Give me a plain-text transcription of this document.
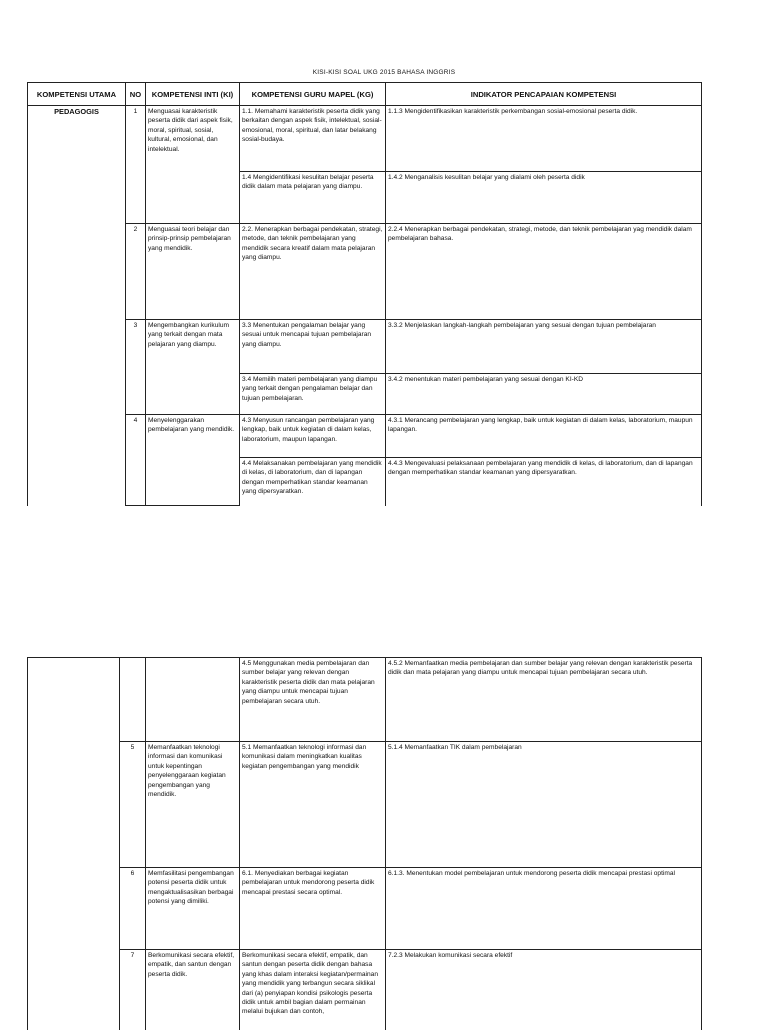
KISI-KISI SOAL UKG 2015 BAHASA INGGRIS
KOMPETENSI UTAMA	NO	KOMPETENSI INTI (KI)	KOMPETENSI GURU MAPEL (KG)	INDIKATOR PENCAPAIAN KOMPETENSI
PEDAGOGIS	1	Menguasai karakteristik peserta didik dari aspek fisik, moral, spiritual, sosial, kultural, emosional, dan intelektual.	1.1. Memahami karakteristik peserta didik yang berkaitan dengan aspek fisik, intelektual, sosial-emosional, moral, spiritual, dan latar belakang sosial-budaya.	1.1.3 Mengidentifikasikan karakteristik perkembangan sosial-emosional peserta didik.
			1.4 Mengidentifikasi kesulitan belajar peserta didik dalam mata pelajaran yang diampu.	1.4.2 Menganalisis kesulitan belajar yang dialami oleh peserta didik
	2	Menguasai teori belajar dan prinsip-prinsip pembelajaran yang mendidik.	2.2. Menerapkan berbagai pendekatan, strategi, metode, dan teknik pembelajaran yang mendidik secara kreatif dalam mata pelajaran yang diampu.	2.2.4 Menerapkan berbagai pendekatan, strategi, metode, dan teknik pembelajaran yag mendidik dalam pembelajaran bahasa.
	3	Mengembangkan kurikulum yang terkait dengan mata pelajaran yang diampu.	3.3 Menentukan pengalaman belajar yang sesuai untuk mencapai tujuan pembelajaran yang diampu.	3.3.2 Menjelaskan langkah-langkah pembelajaran yang sesuai dengan tujuan pembelajaran
			3.4 Memilih materi pembelajaran yang diampu yang terkait dengan pengalaman belajar dan tujuan pembelajaran.	3.4.2 menentukan materi pembelajaran yang sesuai dengan KI-KD
	4	Menyelenggarakan pembelajaran yang mendidik.	4.3 Menyusun rancangan pembelajaran yang lengkap, baik untuk kegiatan di dalam kelas, laboratorium, maupun lapangan.	4.3.1 Merancang pembelajaran yang lengkap, baik untuk kegiatan di dalam kelas, laboratorium, maupun lapangan.
			4.4 Melaksanakan pembelajaran yang mendidik di kelas, di laboratorium, dan di lapangan dengan memperhatikan standar keamanan yang dipersyaratkan.	4.4.3 Mengevaluasi pelaksanaan pembelajaran yang mendidik di kelas, di laboratorium, dan di lapangan dengan memperhatikan standar keamanan yang dipersyaratkan.
			4.5 Menggunakan media pembelajaran dan sumber belajar yang relevan dengan karakteristik peserta didik dan mata pelajaran yang diampu untuk mencapai tujuan pembelajaran secara utuh.	4.5.2 Memanfaatkan media pembelajaran dan sumber belajar yang relevan dengan karakteristik peserta didik dan mata pelajaran yang diampu untuk mencapai tujuan pembelajaran secara utuh.
	5	Memanfaatkan teknologi informasi dan komunikasi untuk kepentingan penyelenggaraan kegiatan pengembangan yang mendidik.	5.1 Memanfaatkan teknologi informasi dan komunikasi dalam meningkatkan kualitas kegiatan pengembangan yang mendidik	5.1.4 Memanfaatkan TIK dalam pembelajaran
	6	Memfasilitasi pengembangan potensi peserta didik untuk mengaktualisasikan berbagai potensi yang dimiliki.	6.1. Menyediakan berbagai kegiatan pembelajaran untuk mendorong peserta didik mencapai prestasi secara optimal.	6.1.3. Menentukan model pembelajaran untuk mendorong peserta didik mencapai prestasi optimal
	7	Berkomunikasi secara efektif, empatik, dan santun dengan peserta didik.	Berkomunikasi secara efektif, empatik, dan santun dengan peserta didik dengan bahasa yang khas dalam interaksi kegiatan/permainan yang mendidik yang terbangun secara siklikal dari (a) penyiapan kondisi psikologis peserta didik untuk ambil bagian dalam permainan melalui bujukan dan contoh,	7.2.3 Melakukan komunikasi secara efektif
